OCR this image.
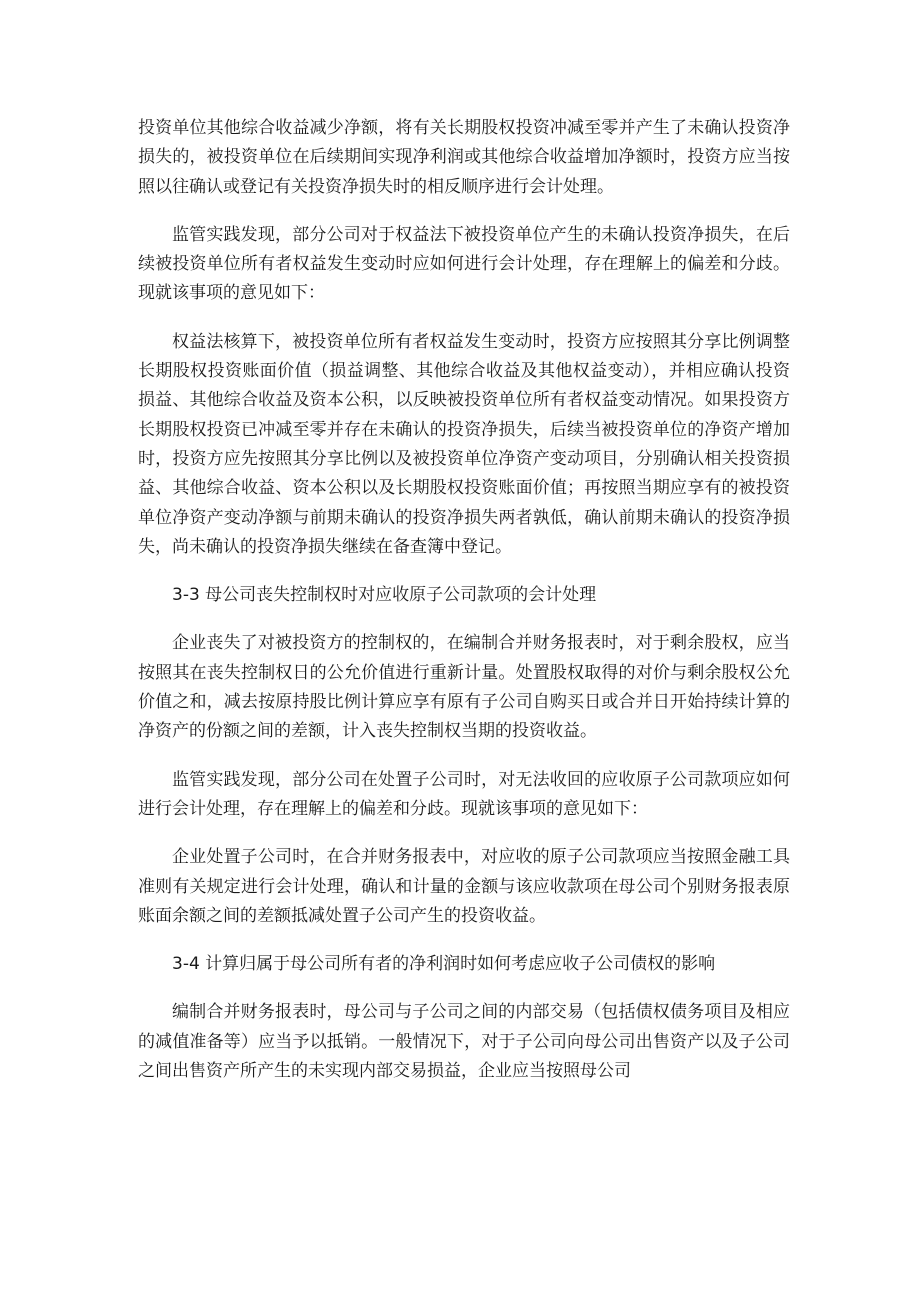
投资单位其他综合收益减少净额，将有关长期股权投资冲减至零并产生了未确认投资净损失的，被投资单位在后续期间实现净利润或其他综合收益增加净额时，投资方应当按照以往确认或登记有关投资净损失时的相反顺序进行会计处理。

监管实践发现，部分公司对于权益法下被投资单位产生的未确认投资净损失，在后续被投资单位所有者权益发生变动时应如何进行会计处理，存在理解上的偏差和分歧。现就该事项的意见如下：

权益法核算下，被投资单位所有者权益发生变动时，投资方应按照其分享比例调整长期股权投资账面价值（损益调整、其他综合收益及其他权益变动），并相应确认投资损益、其他综合收益及资本公积，以反映被投资单位所有者权益变动情况。如果投资方长期股权投资已冲减至零并存在未确认的投资净损失，后续当被投资单位的净资产增加时，投资方应先按照其分享比例以及被投资单位净资产变动项目，分别确认相关投资损益、其他综合收益、资本公积以及长期股权投资账面价值；再按照当期应享有的被投资单位净资产变动净额与前期未确认的投资净损失两者孰低，确认前期未确认的投资净损失，尚未确认的投资净损失继续在备查簿中登记。

3-3 母公司丧失控制权时对应收原子公司款项的会计处理

企业丧失了对被投资方的控制权的，在编制合并财务报表时，对于剩余股权，应当按照其在丧失控制权日的公允价值进行重新计量。处置股权取得的对价与剩余股权公允价值之和，减去按原持股比例计算应享有原有子公司自购买日或合并日开始持续计算的净资产的份额之间的差额，计入丧失控制权当期的投资收益。

监管实践发现，部分公司在处置子公司时，对无法收回的应收原子公司款项应如何进行会计处理，存在理解上的偏差和分歧。现就该事项的意见如下：

企业处置子公司时，在合并财务报表中，对应收的原子公司款项应当按照金融工具准则有关规定进行会计处理，确认和计量的金额与该应收款项在母公司个别财务报表原账面余额之间的差额抵减处置子公司产生的投资收益。

3-4 计算归属于母公司所有者的净利润时如何考虑应收子公司债权的影响

编制合并财务报表时，母公司与子公司之间的内部交易（包括债权债务项目及相应的减值准备等）应当予以抵销。一般情况下，对于子公司向母公司出售资产以及子公司之间出售资产所产生的未实现内部交易损益，企业应当按照母公司
